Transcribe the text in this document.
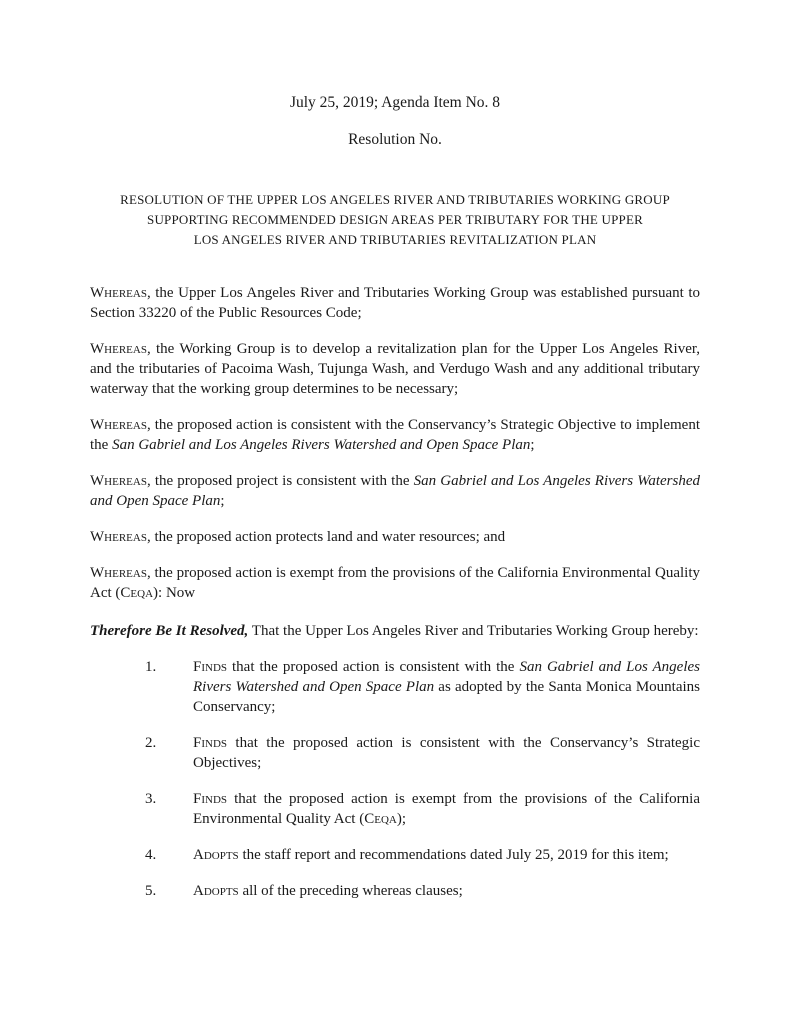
July 25, 2019; Agenda Item No. 8
Resolution No.
RESOLUTION OF THE UPPER LOS ANGELES RIVER AND TRIBUTARIES WORKING GROUP
SUPPORTING RECOMMENDED DESIGN AREAS PER TRIBUTARY FOR THE UPPER
LOS ANGELES RIVER AND TRIBUTARIES REVITALIZATION PLAN

Whereas, the Upper Los Angeles River and Tributaries Working Group was established pursuant to Section 33220 of the Public Resources Code;

Whereas, the Working Group is to develop a revitalization plan for the Upper Los Angeles River, and the tributaries of Pacoima Wash, Tujunga Wash, and Verdugo Wash and any additional tributary waterway that the working group determines to be necessary;

Whereas, the proposed action is consistent with the Conservancy’s Strategic Objective to implement the San Gabriel and Los Angeles Rivers Watershed and Open Space Plan;

Whereas, the proposed project is consistent with the San Gabriel and Los Angeles Rivers Watershed and Open Space Plan;

Whereas, the proposed action protects land and water resources; and

Whereas, the proposed action is exempt from the provisions of the California Environmental Quality Act (Ceqa): Now

Therefore Be It Resolved, That the Upper Los Angeles River and Tributaries Working Group hereby:

1.	Finds that the proposed action is consistent with the San Gabriel and Los Angeles Rivers Watershed and Open Space Plan as adopted by the Santa Monica Mountains Conservancy;
2.	Finds that the proposed action is consistent with the Conservancy’s Strategic Objectives;
3.	Finds that the proposed action is exempt from the provisions of the California Environmental Quality Act (Ceqa);
4.	Adopts the staff report and recommendations dated July 25, 2019 for this item;
5.	Adopts all of the preceding whereas clauses;
